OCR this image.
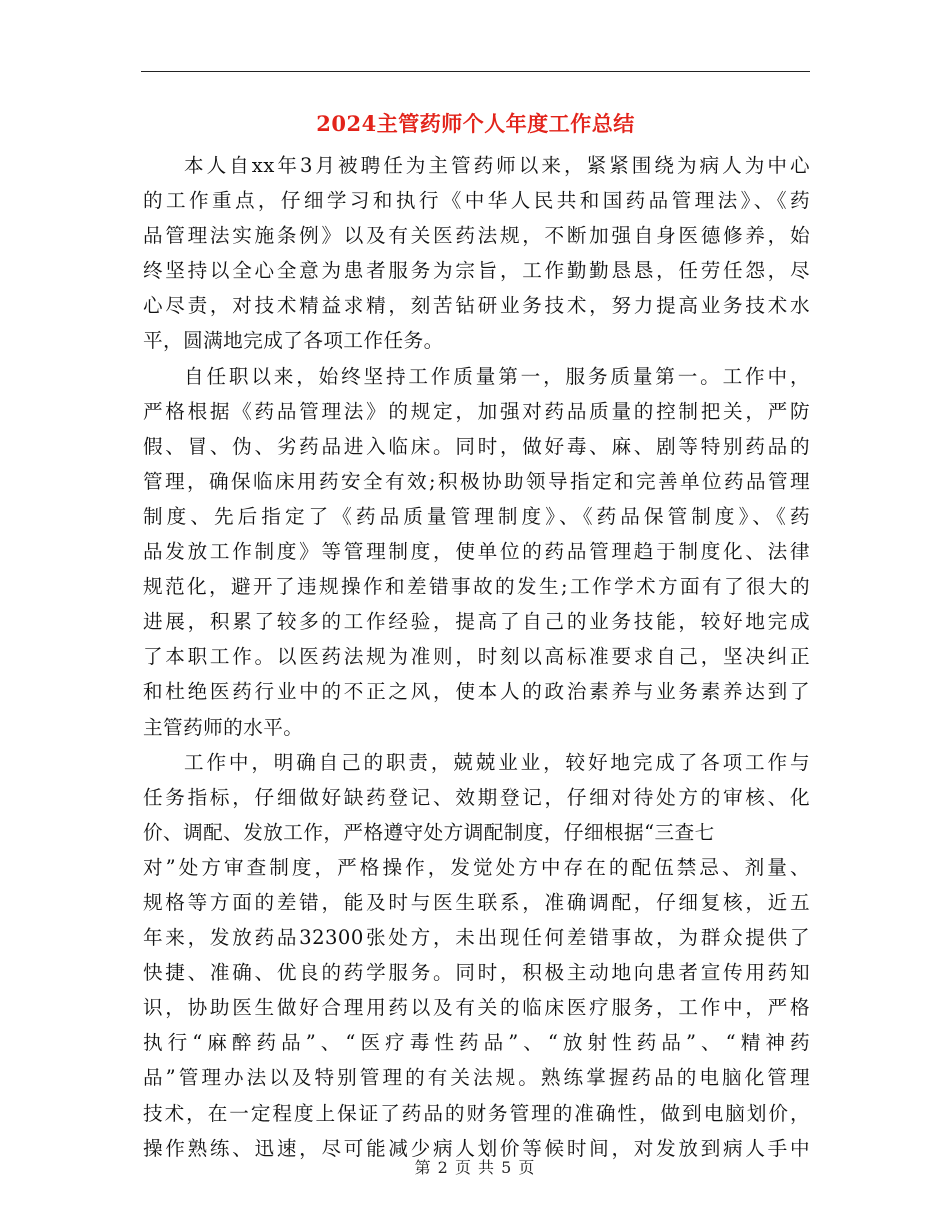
2024主管药师个人年度工作总结
本人自xx年3月被聘任为主管药师以来，紧紧围绕为病人为中心
的工作重点，仔细学习和执行《中华人民共和国药品管理法》、《药
品管理法实施条例》以及有关医药法规，不断加强自身医德修养，始
终坚持以全心全意为患者服务为宗旨，工作勤勤恳恳，任劳任怨，尽
心尽责，对技术精益求精，刻苦钻研业务技术，努力提高业务技术水
平，圆满地完成了各项工作任务。
自任职以来，始终坚持工作质量第一，服务质量第一。工作中，
严格根据《药品管理法》的规定，加强对药品质量的控制把关，严防
假、冒、伪、劣药品进入临床。同时，做好毒、麻、剧等特别药品的
管理，确保临床用药安全有效;积极协助领导指定和完善单位药品管理
制度、先后指定了《药品质量管理制度》、《药品保管制度》、《药
品发放工作制度》等管理制度，使单位的药品管理趋于制度化、法律
规范化，避开了违规操作和差错事故的发生;工作学术方面有了很大的
进展，积累了较多的工作经验，提高了自己的业务技能，较好地完成
了本职工作。以医药法规为准则，时刻以高标准要求自己，坚决纠正
和杜绝医药行业中的不正之风，使本人的政治素养与业务素养达到了
主管药师的水平。
工作中，明确自己的职责，兢兢业业，较好地完成了各项工作与
任务指标，仔细做好缺药登记、效期登记，仔细对待处方的审核、化
价、调配、发放工作，严格遵守处方调配制度，仔细根据“三查七
对”处方审查制度，严格操作，发觉处方中存在的配伍禁忌、剂量、
规格等方面的差错，能及时与医生联系，准确调配，仔细复核，近五
年来，发放药品32300张处方，未出现任何差错事故，为群众提供了
快捷、准确、优良的药学服务。同时，积极主动地向患者宣传用药知
识，协助医生做好合理用药以及有关的临床医疗服务，工作中，严格
执行“麻醉药品”、“医疗毒性药品”、“放射性药品”、“精神药
品”管理办法以及特别管理的有关法规。熟练掌握药品的电脑化管理
技术，在一定程度上保证了药品的财务管理的准确性，做到电脑划价，
操作熟练、迅速，尽可能减少病人划价等候时间，对发放到病人手中
第 2 页 共 5 页
